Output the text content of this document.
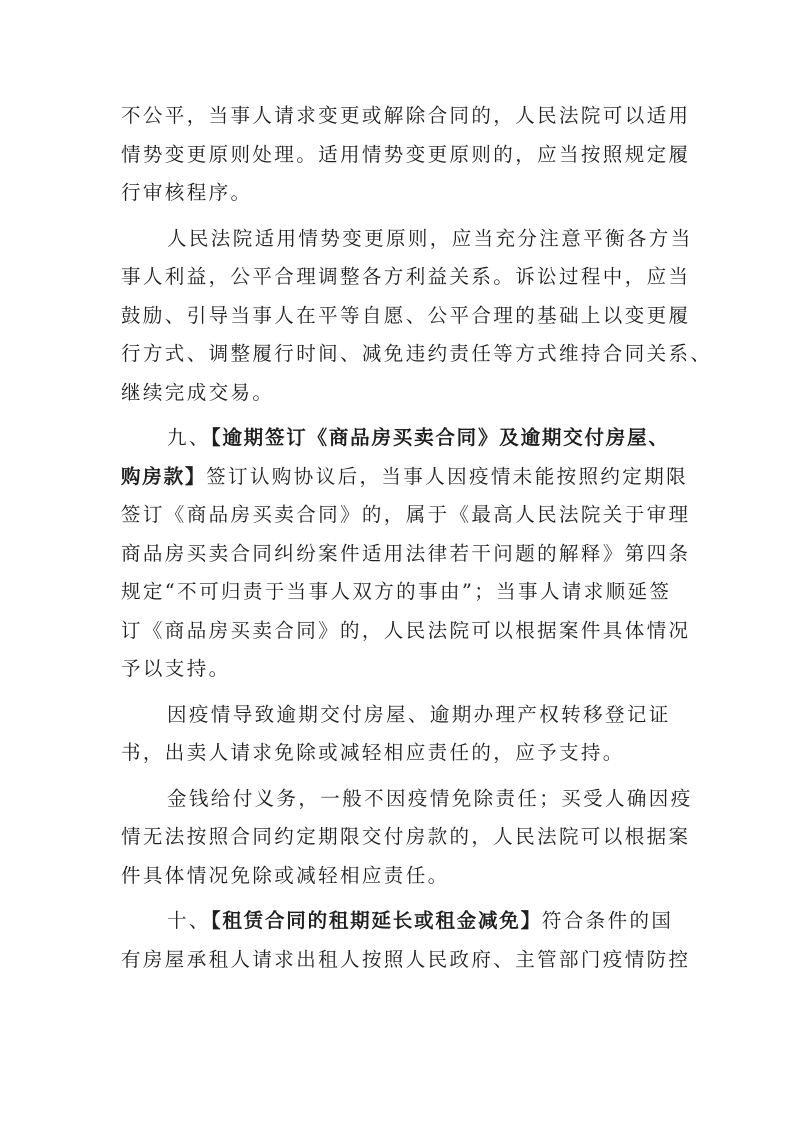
不公平，当事人请求变更或解除合同的，人民法院可以适用
情势变更原则处理。适用情势变更原则的，应当按照规定履
行审核程序。
人民法院适用情势变更原则，应当充分注意平衡各方当
事人利益，公平合理调整各方利益关系。诉讼过程中，应当
鼓励、引导当事人在平等自愿、公平合理的基础上以变更履
行方式、调整履行时间、减免违约责任等方式维持合同关系、
继续完成交易。
九、【逾期签订《商品房买卖合同》及逾期交付房屋、
购房款】签订认购协议后，当事人因疫情未能按照约定期限
签订《商品房买卖合同》的，属于《最高人民法院关于审理
商品房买卖合同纠纷案件适用法律若干问题的解释》第四条
规定“不可归责于当事人双方的事由”；当事人请求顺延签
订《商品房买卖合同》的，人民法院可以根据案件具体情况
予以支持。
因疫情导致逾期交付房屋、逾期办理产权转移登记证
书，出卖人请求免除或减轻相应责任的，应予支持。
金钱给付义务，一般不因疫情免除责任；买受人确因疫
情无法按照合同约定期限交付房款的，人民法院可以根据案
件具体情况免除或减轻相应责任。
十、【租赁合同的租期延长或租金减免】符合条件的国
有房屋承租人请求出租人按照人民政府、主管部门疫情防控
